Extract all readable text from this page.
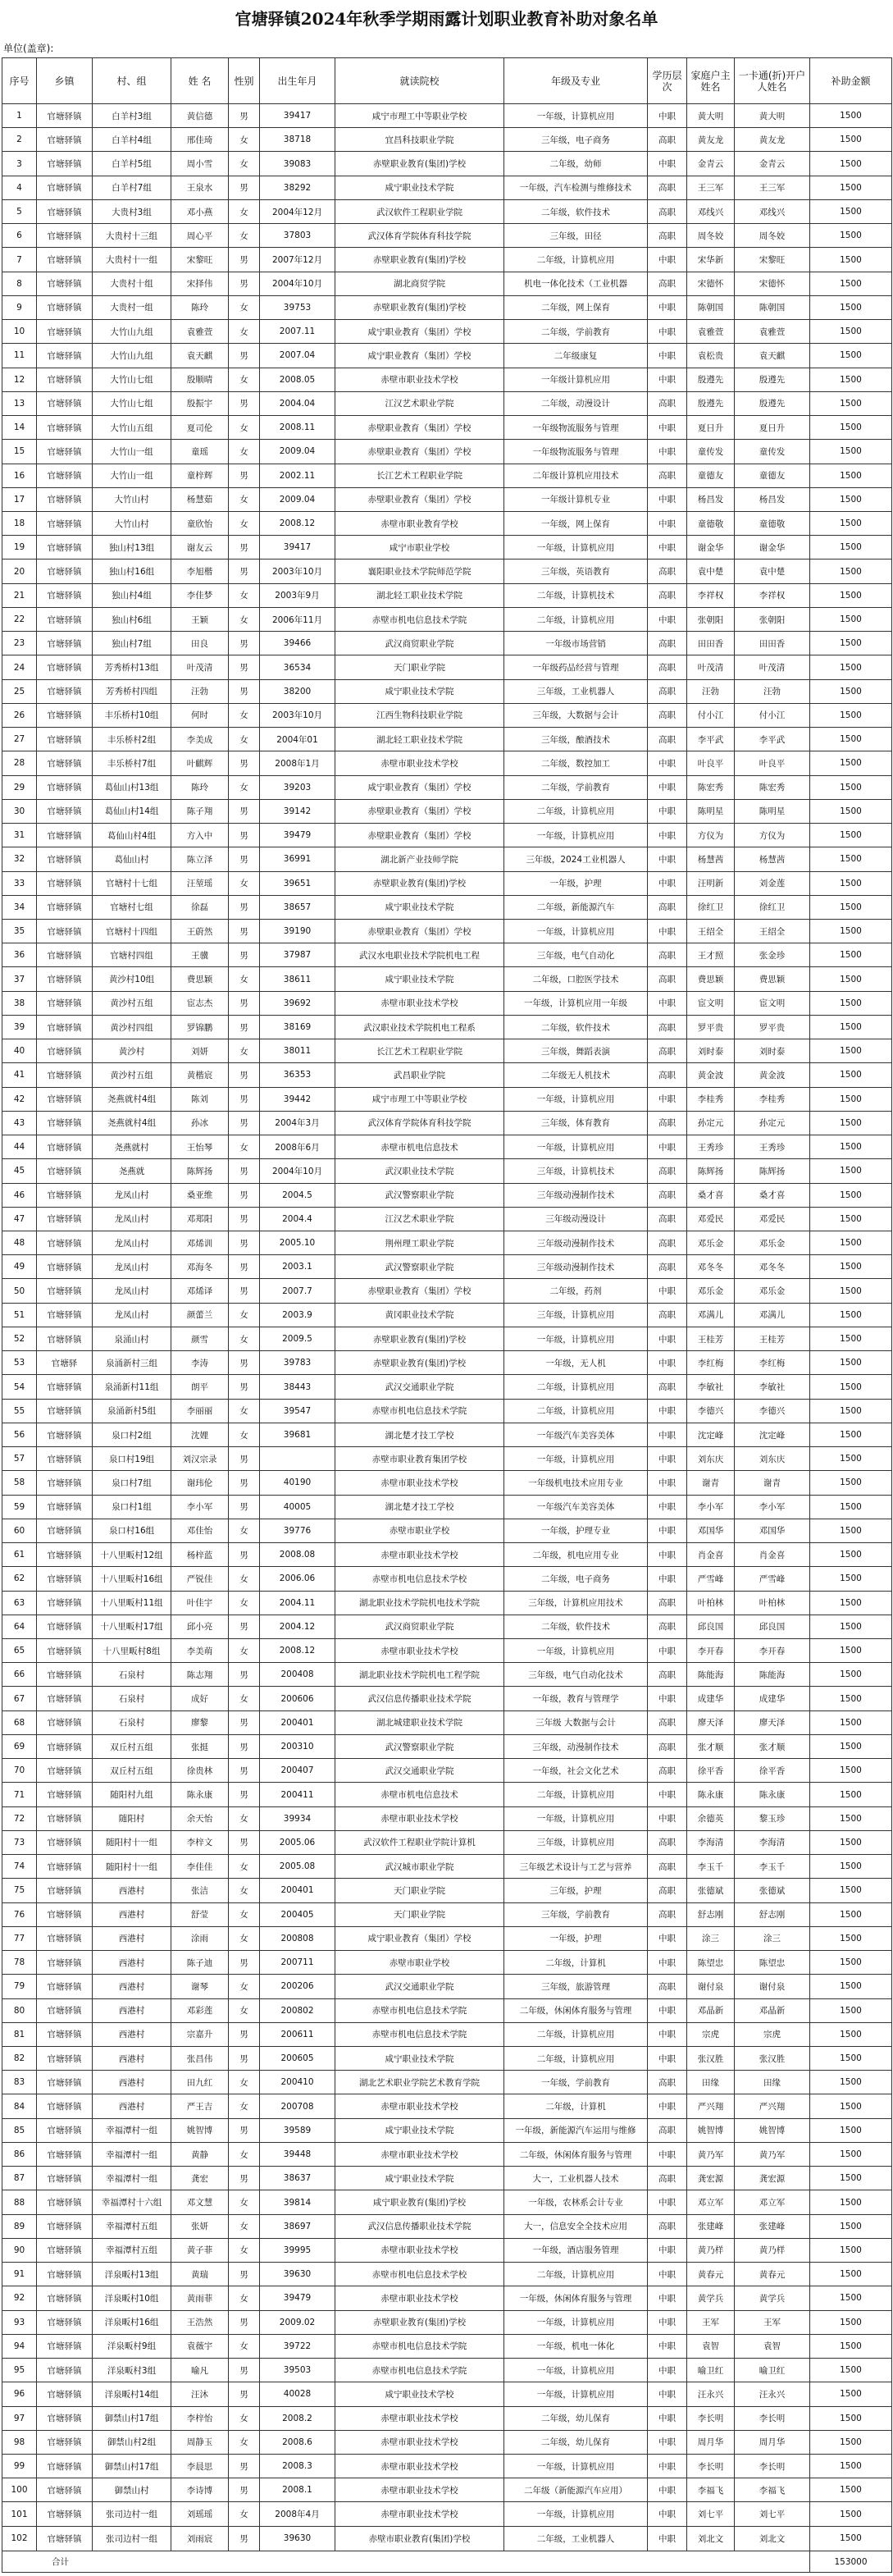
官塘驿镇2024年秋季学期雨露计划职业教育补助对象名单
单位(盖章):
序号	乡镇	村、组	姓 名	性别	出生年月	就读院校	年级及专业	学历层次	家庭户主姓名	一卡通(折)开户人姓名	补助金额
1	官塘驿镇	白羊村3组	黄信德	男	39417	咸宁市理工中等职业学校	一年级，计算机应用	中职	黄大明	黄大明	1500
2	官塘驿镇	白羊村4组	邢佳琦	女	38718	宜昌科技职业学院	三年级，电子商务	高职	黄友龙	黄友龙	1500
3	官塘驿镇	白羊村5组	周小雪	女	39083	赤壁职业教育(集团)学校	二年级，幼师	中职	金青云	金青云	1500
4	官塘驿镇	白羊村7组	王泉水	男	38292	咸宁职业技术学院	一年级，汽车检测与维修技术	高职	王三军	王三军	1500
5	官塘驿镇	大贵村3组	邓小燕	女	2004年12月	武汉软件工程职业学院	二年级，软件技术	高职	邓线兴	邓线兴	1500
6	官塘驿镇	大贵村十三组	周心平	女	37803	武汉体育学院体育科技学院	三年级，田径	高职	周冬姣	周冬姣	1500
7	官塘驿镇	大贵村十一组	宋黎旺	男	2007年12月	赤壁职业教育(集团)学校	二年级，计算机应用	中职	宋华新	宋黎旺	1500
8	官塘驿镇	大贵村十组	宋择伟	男	2004年10月	湖北商贸学院	机电一体化技术（工业机器	高职	宋德怀	宋德怀	1500
9	官塘驿镇	大贵村一组	陈玲	女	39753	赤壁职业教育(集团)学校	二年级，网上保育	中职	陈朝国	陈朝国	1500
10	官塘驿镇	大竹山九组	袁雅萱	女	2007.11	咸宁职业教育（集团）学校	二年级，学前教育	中职	袁雅萱	袁雅萱	1500
11	官塘驿镇	大竹山九组	袁天麒	男	2007.04	咸宁职业教育（集团）学校	二年级康复	中职	袁松贵	袁天麒	1500
12	官塘驿镇	大竹山七组	殷顺晴	女	2008.05	赤壁市职业技术学校	一年级计算机应用	中职	殷遵先	殷遵先	1500
13	官塘驿镇	大竹山七组	殷振宇	男	2004.04	江汉艺术职业学院	二年级，动漫设计	高职	殷遵先	殷遵先	1500
14	官塘驿镇	大竹山五组	夏司伦	女	2008.11	赤壁职业教育（集团）学校	一年级物流服务与管理	中职	夏日升	夏日升	1500
15	官塘驿镇	大竹山一组	童瑶	女	2009.04	赤壁职业教育（集团）学校	一年级物流服务与管理	中职	童传发	童传发	1500
16	官塘驿镇	大竹山一组	童梓辉	男	2002.11	长江艺术工程职业学院	二年级计算机应用技术	高职	童德友	童德友	1500
17	官塘驿镇	大竹山村	杨慧茹	女	2009.04	赤壁职业教育（集团）学校	一年级计算机专业	中职	杨昌发	杨昌发	1500
18	官塘驿镇	大竹山村	童欣怡	女	2008.12	赤壁市职业教育学校	一年级，网上保育	中职	童德敬	童德敬	1500
19	官塘驿镇	独山村13组	谢友云	男	39417	咸宁市职业学校	一年级，计算机应用	中职	谢金华	谢金华	1500
20	官塘驿镇	独山村16组	李旭楷	男	2003年10月	襄阳职业技术学院师范学院	三年级，英语教育	高职	袁中楚	袁中楚	1500
21	官塘驿镇	独山村4组	李佳梦	女	2003年9月	湖北轻工职业技术学院	二年级，计算机技术	高职	李祥权	李祥权	1500
22	官塘驿镇	独山村6组	王颖	女	2006年11月	赤壁市机电信息技术学院	二年级，计算机应用	中职	张朝阳	张朝阳	1500
23	官塘驿镇	独山村7组	田良	男	39466	武汉商贸职业学院	一年级市场营销	高职	田田香	田田香	1500
24	官塘驿镇	芳秀桥村13组	叶茂清	男	36534	天门职业学院	一年级药品经营与管理	高职	叶茂清	叶茂清	1500
25	官塘驿镇	芳秀桥村四组	汪勃	男	38200	咸宁职业技术学院	三年级，工业机器人	高职	汪勃	汪勃	1500
26	官塘驿镇	丰乐桥村10组	何时	女	2003年10月	江西生物科技职业学院	三年级，大数据与会计	高职	付小江	付小江	1500
27	官塘驿镇	丰乐桥村2组	李美成	女	2004年01	湖北轻工职业技术学院	三年级，酿酒技术	高职	李平武	李平武	1500
28	官塘驿镇	丰乐桥村7组	叶麒辉	男	2008年1月	赤壁市职业技术学校	二年级，数控加工	中职	叶良平	叶良平	1500
29	官塘驿镇	葛仙山村13组	陈玲	女	39203	咸宁职业教育（集团）学校	二年级，学前教育	中职	陈宏秀	陈宏秀	1500
30	官塘驿镇	葛仙山村14组	陈子翔	男	39142	赤壁职业教育（集团）学校	二年级，计算机应用	中职	陈明星	陈明星	1500
31	官塘驿镇	葛仙山村4组	方入中	男	39479	赤壁职业教育（集团）学校	一年级，计算机应用	中职	方仪为	方仪为	1500
32	官塘驿镇	葛仙山村	陈立泽	男	36991	湖北新产业技师学院	三年级，2024工业机器人	中职	杨慧茜	杨慧茜	1500
33	官塘驿镇	官塘村十七组	汪堃瑶	女	39651	赤壁职业教育(集团)学校	一年级，护理	中职	汪明新	刘金莲	1500
34	官塘驿镇	官塘村七组	徐磊	男	38657	咸宁职业技术学院	二年级，新能源汽车	高职	徐红卫	徐红卫	1500
35	官塘驿镇	官塘村十四组	王蔚然	男	39190	赤壁职业教育（集团）学校	一年级，计算机应用	中职	王绍全	王绍全	1500
36	官塘驿镇	官塘村四组	王骥	男	37987	武汉水电职业技术学院机电工程	三年级，电气自动化	高职	王才照	张金珍	1500
37	官塘驿镇	黄沙村10组	费思颖	女	38611	咸宁职业技术学院	二年级，口腔医学技术	高职	费思颖	费思颖	1500
38	官塘驿镇	黄沙村五组	宦志杰	男	39692	赤壁市职业技术学校	一年级，计算机应用一年级	中职	宦文明	宦文明	1500
39	官塘驿镇	黄沙村四组	罗锦鹏	男	38169	武汉职业技术学院机电工程系	二年级，软件技术	高职	罗平贵	罗平贵	1500
40	官塘驿镇	黄沙村	刘妍	女	38011	长江艺术工程职业学院	三年级，舞蹈表演	高职	刘时泰	刘时泰	1500
41	官塘驿镇	黄沙村五组	黄楷宸	男	36353	武昌职业学院	二年级无人机技术	高职	黄金波	黄金波	1500
42	官塘驿镇	尧燕就村4组	陈刘	男	39442	咸宁市理工中等职业学校	一年级，计算机应用	中职	李桂秀	李桂秀	1500
43	官塘驿镇	尧燕就村4组	孙冰	男	2004年3月	武汉体育学院体育科技学院	三年级，体育教育	高职	孙定元	孙定元	1500
44	官塘驿镇	尧燕就村	王怡琴	女	2008年6月	赤壁市机电信息技术	一年级，计算机应用	中职	王秀珍	王秀珍	1500
45	官塘驿镇	尧燕就	陈辉扬	男	2004年10月	武汉职业技术学院	三年级，计算机技术	高职	陈辉扬	陈辉扬	1500
46	官塘驿镇	龙凤山村	桑亚维	男	2004.5	武汉警察职业学院	三年级动漫制作技术	高职	桑才喜	桑才喜	1500
47	官塘驿镇	龙凤山村	邓郑阳	男	2004.4	江汉艺术职业学院	三年级动漫设计	高职	邓爱民	邓爱民	1500
48	官塘驿镇	龙凤山村	邓烯训	男	2005.10	荆州理工职业学院	三年级动漫制作技术	高职	邓乐金	邓乐金	1500
49	官塘驿镇	龙凤山村	邓海冬	男	2003.1	武汉警察职业学院	三年级动漫制作技术	高职	邓冬冬	邓冬冬	1500
50	官塘驿镇	龙凤山村	邓烯译	男	2007.7	赤壁职业教育（集团）学校	二年级，药剂	中职	邓乐金	邓乐金	1500
51	官塘驿镇	龙凤山村	颜蕾兰	女	2003.9	黄冈职业技术学院	三年级，计算机应用	高职	邓满儿	邓满儿	1500
52	官塘驿镇	泉涌山村	颜雪	女	2009.5	赤壁职业教育(集团)学校	一年级，计算机应用	中职	王桂芳	王桂芳	1500
53	官塘驿	泉涌新村三组	李涛	男	39783	赤壁职业教育(集团)学校	一年级，无人机	中职	李红梅	李红梅	1500
54	官塘驿镇	泉涌新村11组	朗平	男	38443	武汉交通职业学院	二年级，计算机应用	高职	李敏社	李敏社	1500
55	官塘驿镇	泉涌新村5组	李丽丽	女	39547	赤壁市机电信息技术学院	二年级，计算机应用	中职	李德兴	李德兴	1500
56	官塘驿镇	泉口村2组	沈娌	女	39681	湖北楚才技工学校	一年级汽车美容美体	中职	沈定峰	沈定峰	1500
57	官塘驿镇	泉口村19组	刘汉宗录	男		赤壁市职业教育集团学校	一年级，计算机应用	中职	刘东庆	刘东庆	1500
58	官塘驿镇	泉口村7组	谢玮伦	男	40190	赤壁市职业技术学校	一年级机电技术应用专业	中职	谢青	谢青	1500
59	官塘驿镇	泉口村1组	李小军	男	40005	湖北楚才技工学校	一年级汽车美容美体	中职	李小军	李小军	1500
60	官塘驿镇	泉口村16组	邓佳怡	女	39776	赤壁市职业学校	一年级，护理专业	中职	邓国华	邓国华	1500
61	官塘驿镇	十八里畈村12组	杨梓蓝	男	2008.08	赤壁市职业技术学校	二年级，机电应用专业	中职	肖金喜	肖金喜	1500
62	官塘驿镇	十八里畈村16组	严锐佳	女	2006.06	赤壁市机电信息技术学校	二年级，电子商务	中职	严雪峰	严雪峰	1500
63	官塘驿镇	十八里畈村11组	叶佳宇	女	2004.11	湖北职业技术学院机电技术学院	三年级，计算机应用技术	高职	叶柏林	叶柏林	1500
64	官塘驿镇	十八里畈村17组	邱小亮	男	2004.12	武汉商贸职业学院	二年级，软件技术	高职	邱良国	邱良国	1500
65	官塘驿镇	十八里畈村8组	李美萌	女	2008.12	赤壁市职业技术学校	一年级，计算机应用	中职	李开春	李开春	1500
66	官塘驿镇	石泉村	陈志翔	男	200408	湖北职业技术学院机电工程学院	三年级，电气自动化技术	高职	陈能海	陈能海	1500
67	官塘驿镇	石泉村	成好	女	200606	武汉信息传播职业技术学院	一年级，教育与管理学	中职	成建华	成建华	1500
68	官塘驿镇	石泉村	廖黎	男	200401	湖北城建职业技术学院	三年级 大数据与会计	高职	廖天泽	廖天泽	1500
69	官塘驿镇	双丘村五组	张挺	男	200310	武汉警察职业学院	三年级，动漫制作技术	高职	张才顺	张才顺	1500
70	官塘驿镇	双丘村五组	徐贵林	男	200407	武汉交通职业学院	一年级，社会文化艺术	高职	徐平香	徐平香	1500
71	官塘驿镇	随阳村九组	陈永康	男	200411	赤壁市机电信息技术	二年级，计算机应用	中职	陈永康	陈永康	1500
72	官塘驿镇	随阳村	余天怡	女	39934	赤壁市职业技术学校	一年级，计算机应用	中职	余德英	黎玉珍	1500
73	官塘驿镇	随阳村十一组	李梓文	男	2005.06	武汉软件工程职业学院计算机	三年级，计算机应用	高职	李海清	李海清	1500
74	官塘驿镇	随阳村十一组	李佳佳	女	2005.08	武汉城市职业学院	三年级艺术设计与工艺与营养	高职	李玉千	李玉千	1500
75	官塘驿镇	西港村	张洁	女	200401	天门职业学院	三年级，护理	高职	张德斌	张德斌	1500
76	官塘驿镇	西港村	舒莹	女	200405	天门职业学院	三年级，学前教育	高职	舒志刚	舒志刚	1500
77	官塘驿镇	西港村	涂雨	女	200808	咸宁职业教育（集团）学校	一年级，护理	中职	涂三	涂三	1500
78	官塘驿镇	西港村	陈子迪	男	200711	赤壁市职业学校	二年级，计算机	中职	陈望忠	陈望忠	1500
79	官塘驿镇	西港村	谢琴	女	200206	武汉交通职业学院	三年级，旅游管理	高职	谢付泉	谢付泉	1500
80	官塘驿镇	西港村	邓彩莲	女	200802	赤壁市机电信息技术学院	二年级，休闲体育服务与管理	中职	邓晶新	邓晶新	1500
81	官塘驿镇	西港村	宗嘉升	男	200611	赤壁市机电信息技术学院	二年级，计算机应用	中职	宗虎	宗虎	1500
82	官塘驿镇	西港村	张昌伟	男	200605	咸宁职业技术学院	二年级，计算机应用	中职	张汉胜	张汉胜	1500
83	官塘驿镇	西港村	田九红	女	200410	湖北艺术职业学院艺术教育学院	一年级，学前教育	高职	田缘	田缘	1500
84	官塘驿镇	西港村	严王吉	女	200708	赤壁市职业技术学校	二年级，计算机	中职	严兴翔	严兴翔	1500
85	官塘驿镇	幸福潭村一组	姚智博	男	39589	咸宁职业技术学院	一年级，新能源汽车运用与维修	高职	姚智博	姚智博	1500
86	官塘驿镇	幸福潭村一组	黄静	女	39448	赤壁市职业技术学校	二年级，休闲体育服务与管理	中职	黄乃军	黄乃军	1500
87	官塘驿镇	幸福潭村一组	龚宏	男	38637	咸宁职业技术学院	大一，工业机器人技术	高职	龚宏源	龚宏源	1500
88	官塘驿镇	幸福潭村十六组	邓文慧	女	39814	咸宁职业教育(集团)学校	一年级，农林系会计专业	中职	邓立军	邓立军	1500
89	官塘驿镇	幸福潭村五组	张妍	女	38697	武汉信息传播职业技术学院	大一，信息安全全技术应用	高职	张建峰	张建峰	1500
90	官塘驿镇	幸福潭村五组	黄子菲	女	39995	赤壁市职业技术学校	一年级，酒店服务管理	中职	黄乃样	黄乃样	1500
91	官塘驿镇	洋泉畈村13组	黄瑞	男	39630	赤壁市机电信息技术学校	二年级，计算机应用	中职	黄春元	黄春元	1500
92	官塘驿镇	洋泉畈村10组	黄雨菲	女	39479	赤壁市职业技术学校	一年级，休闲体育服务与管理	中职	黄学兵	黄学兵	1500
93	官塘驿镇	洋泉畈村16组	王浩然	男	2009.02	赤壁职业教育(集团)学校	一年级，计算机应用	中职	王军	王军	1500
94	官塘驿镇	洋泉畈村9组	袁薇宇	女	39722	赤壁市机电信息技术学院	一年级，机电一体化	中职	袁智	袁智	1500
95	官塘驿镇	洋泉畈村3组	喻凡	男	39503	赤壁市机电信息技术学院	一年级，计算机应用	中职	喻卫红	喻卫红	1500
96	官塘驿镇	洋泉畈村14组	汪沐	男	40028	咸宁职业技术学校	一年级，计算机应用	中职	汪永兴	汪永兴	1500
97	官塘驿镇	御禁山村17组	李梓怡	女	2008.2	赤壁市职业技术学校	二年级，幼儿保育	中职	李长明	李长明	1500
98	官塘驿镇	御禁山村2组	周静玉	女	2008.6	赤壁市职业技术学校	二年级，幼儿保育	中职	周月华	周月华	1500
99	官塘驿镇	御禁山村17组	李晨思	男	2008.3	赤壁市职业技术学校	一年级，计算机应用	中职	李长明	李长明	1500
100	官塘驿镇	御禁山村	李诗博	男	2008.1	赤壁市职业技术学校	二年级（新能源汽车应用）	中职	李福飞	李福飞	1500
101	官塘驿镇	张司边村一组	刘瑶瑶	女	2008年4月	赤壁市职业技术学校	一年级，计算机应用	中职	刘七平	刘七平	1500
102	官塘驿镇	张司边村一组	刘雨宸	男	39630	赤壁市职业教育(集团)学校	二年级，工业机器人	中职	刘北文	刘北文	1500
合计											153000
